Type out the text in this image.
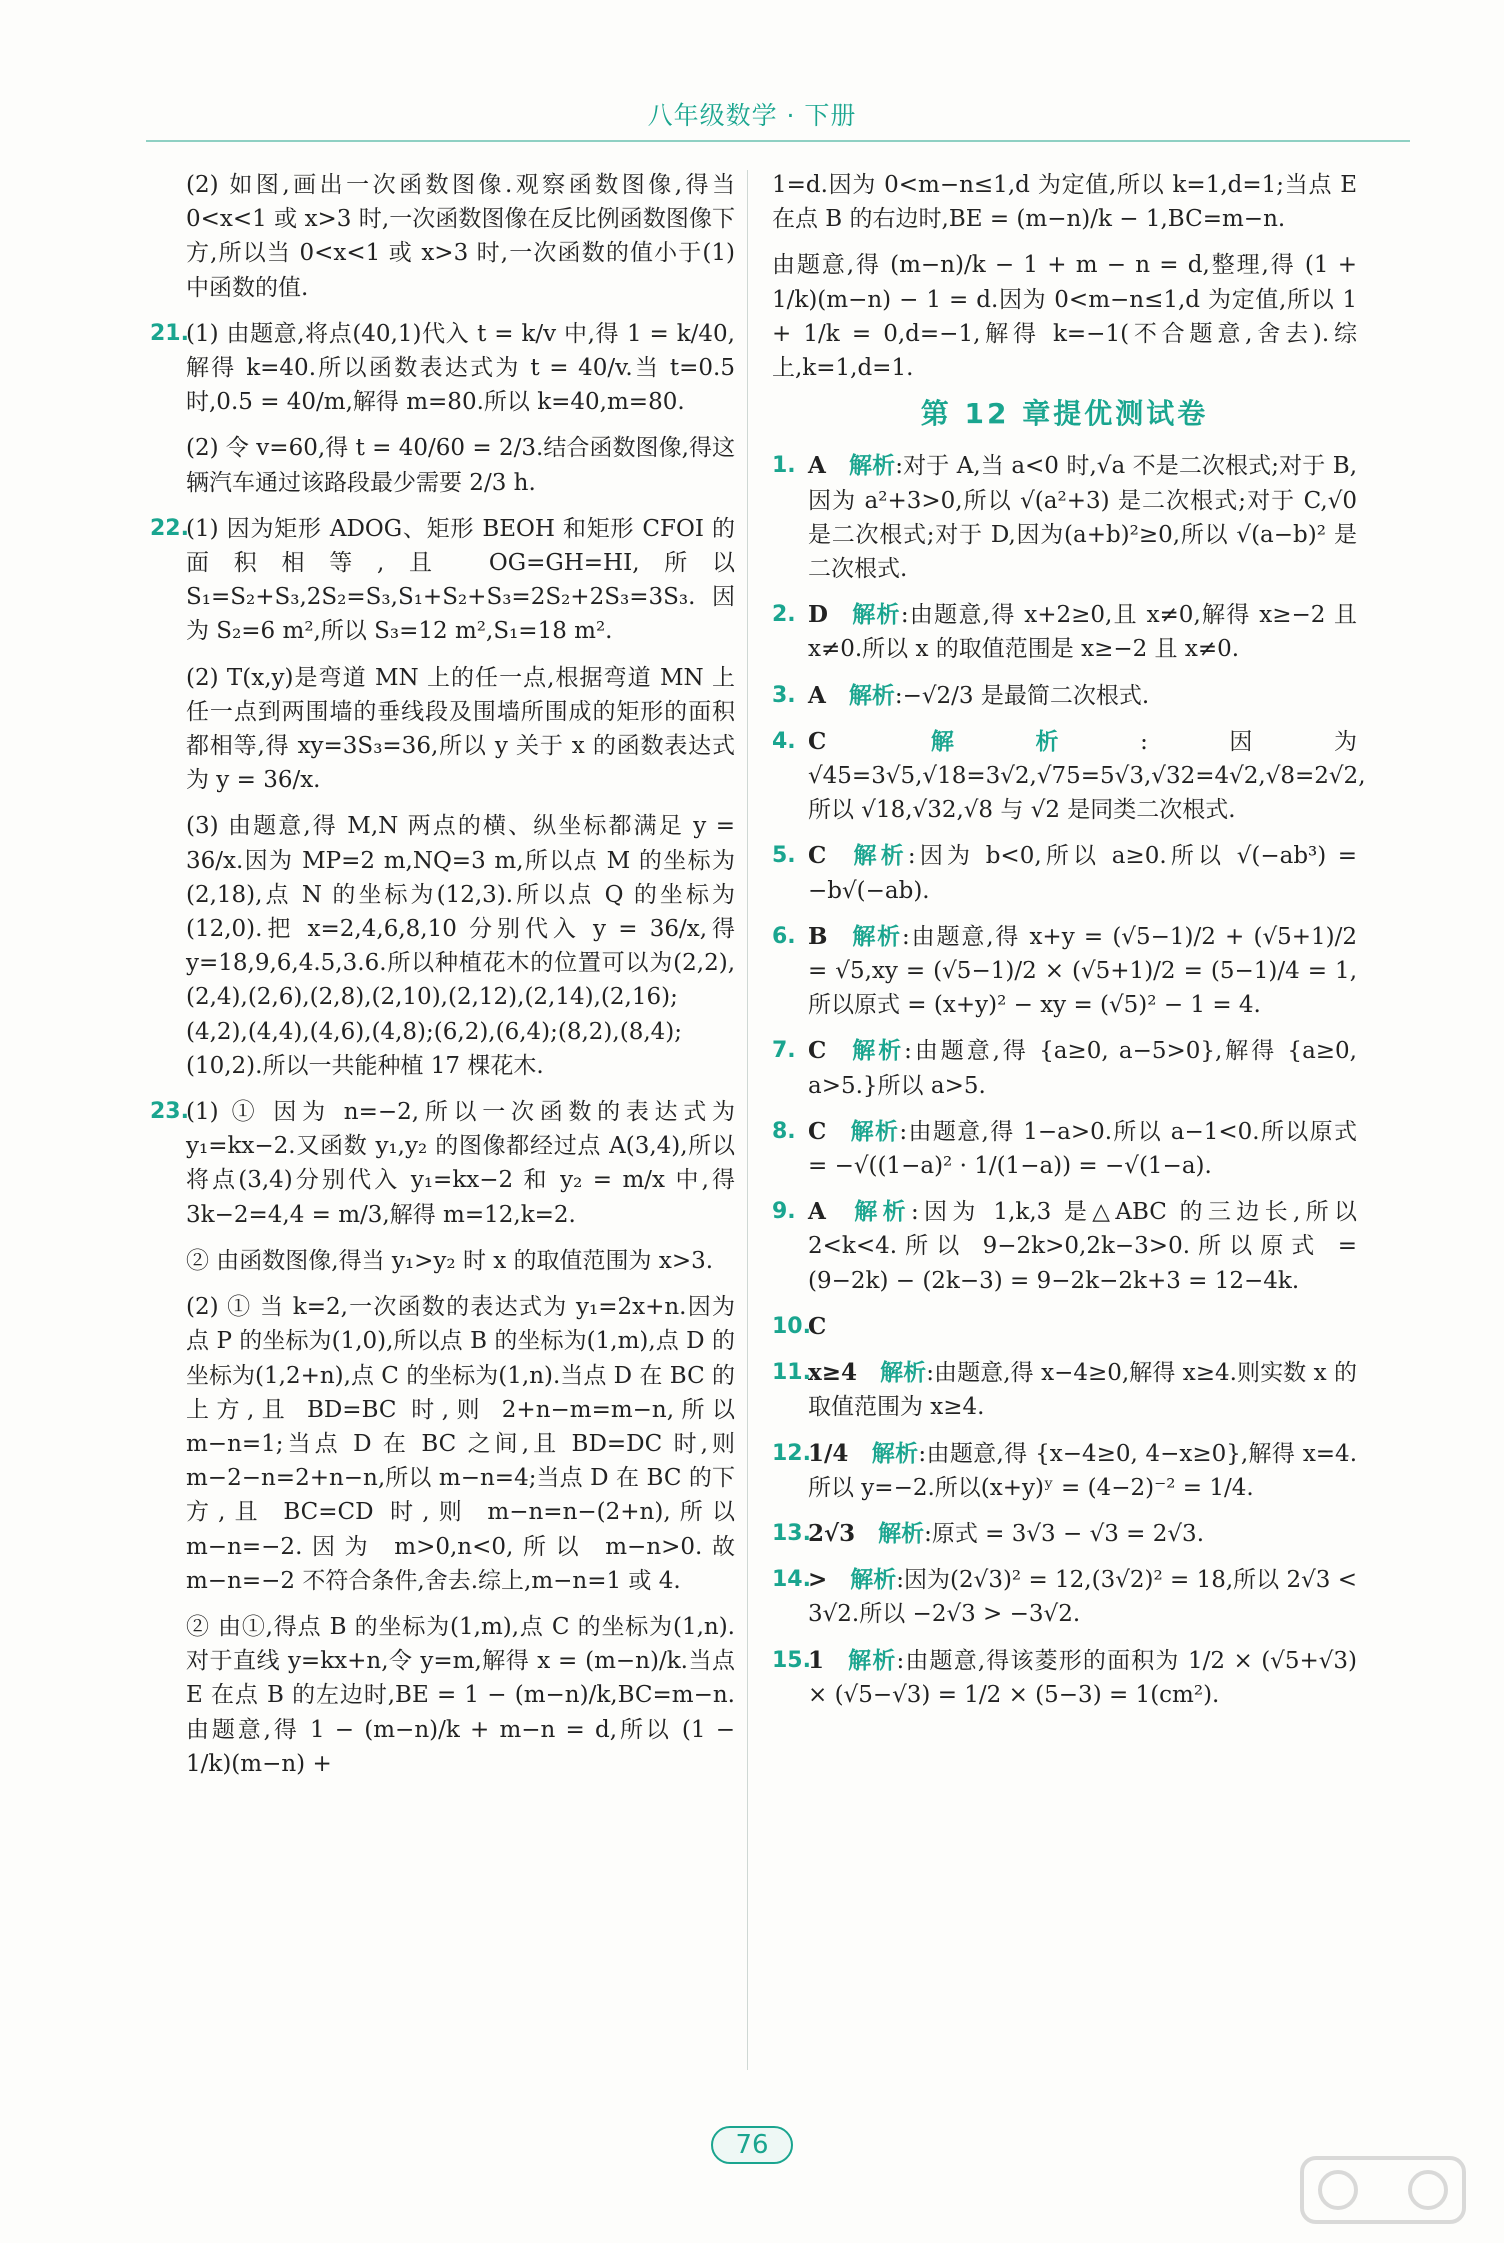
八年级数学 · 下册
(2) 如图,画出一次函数图像.观察函数图像,得当 0<x<1 或 x>3 时,一次函数图像在反比例函数图像下方,所以当 0<x<1 或 x>3 时,一次函数的值小于(1)中函数的值.
21.
(1) 由题意,将点(40,1)代入 t = k/v 中,得 1 = k/40,解得 k=40.所以函数表达式为 t = 40/v.当 t=0.5 时,0.5 = 40/m,解得 m=80.所以 k=40,m=80.
(2) 令 v=60,得 t = 40/60 = 2/3.结合函数图像,得这辆汽车通过该路段最少需要 2/3 h.
22.
(1) 因为矩形 ADOG、矩形 BEOH 和矩形 CFOI 的面积相等,且 OG=GH=HI,所以 S₁=S₂+S₃,2S₂=S₃,S₁+S₂+S₃=2S₂+2S₃=3S₃.因为 S₂=6 m²,所以 S₃=12 m²,S₁=18 m².
(2) T(x,y)是弯道 MN 上的任一点,根据弯道 MN 上任一点到两围墙的垂线段及围墙所围成的矩形的面积都相等,得 xy=3S₃=36,所以 y 关于 x 的函数表达式为 y = 36/x.
(3) 由题意,得 M,N 两点的横、纵坐标都满足 y = 36/x.因为 MP=2 m,NQ=3 m,所以点 M 的坐标为(2,18),点 N 的坐标为(12,3).所以点 Q 的坐标为(12,0).把 x=2,4,6,8,10 分别代入 y = 36/x,得 y=18,9,6,4.5,3.6.所以种植花木的位置可以为(2,2),(2,4),(2,6),(2,8),(2,10),(2,12),(2,14),(2,16);(4,2),(4,4),(4,6),(4,8);(6,2),(6,4);(8,2),(8,4);(10,2).所以一共能种植 17 棵花木.
23.
(1) ① 因为 n=−2,所以一次函数的表达式为 y₁=kx−2.又函数 y₁,y₂ 的图像都经过点 A(3,4),所以将点(3,4)分别代入 y₁=kx−2 和 y₂ = m/x 中,得 3k−2=4,4 = m/3,解得 m=12,k=2.
② 由函数图像,得当 y₁>y₂ 时 x 的取值范围为 x>3.
(2) ① 当 k=2,一次函数的表达式为 y₁=2x+n.因为点 P 的坐标为(1,0),所以点 B 的坐标为(1,m),点 D 的坐标为(1,2+n),点 C 的坐标为(1,n).当点 D 在 BC 的上方,且 BD=BC 时,则 2+n−m=m−n,所以 m−n=1;当点 D 在 BC 之间,且 BD=DC 时,则 m−2−n=2+n−n,所以 m−n=4;当点 D 在 BC 的下方,且 BC=CD 时,则 m−n=n−(2+n),所以 m−n=−2.因为 m>0,n<0,所以 m−n>0.故 m−n=−2 不符合条件,舍去.综上,m−n=1 或 4.
② 由①,得点 B 的坐标为(1,m),点 C 的坐标为(1,n).对于直线 y=kx+n,令 y=m,解得 x = (m−n)/k.当点 E 在点 B 的左边时,BE = 1 − (m−n)/k,BC=m−n.由题意,得 1 − (m−n)/k + m−n = d,所以 (1 − 1/k)(m−n) +

1=d.因为 0<m−n≤1,d 为定值,所以 k=1,d=1;当点 E 在点 B 的右边时,BE = (m−n)/k − 1,BC=m−n.

由题意,得 (m−n)/k − 1 + m − n = d,整理,得 (1 + 1/k)(m−n) − 1 = d.因为 0<m−n≤1,d 为定值,所以 1 + 1/k = 0,d=−1,解得 k=−1(不合题意,舍去).综上,k=1,d=1.

第 12 章提优测试卷
1. A  解析:对于 A,当 a<0 时,√a 不是二次根式;对于 B,因为 a²+3>0,所以 √(a²+3) 是二次根式;对于 C,√0 是二次根式;对于 D,因为(a+b)²≥0,所以 √(a−b)² 是二次根式.
2. D  解析:由题意,得 x+2≥0,且 x≠0,解得 x≥−2 且 x≠0.所以 x 的取值范围是 x≥−2 且 x≠0.
3. A  解析:−√2/3 是最简二次根式.
4. C  解析:因为 √45=3√5,√18=3√2,√75=5√3,√32=4√2,√8=2√2,所以 √18,√32,√8 与 √2 是同类二次根式.
5. C  解析:因为 b<0,所以 a≥0.所以 √(−ab³) = −b√(−ab).
6. B  解析:由题意,得 x+y = (√5−1)/2 + (√5+1)/2 = √5,xy = (√5−1)/2 × (√5+1)/2 = (5−1)/4 = 1,所以原式 = (x+y)² − xy = (√5)² − 1 = 4.
7. C  解析:由题意,得 {a≥0, a−5>0},解得 {a≥0, a>5.}所以 a>5.
8. C  解析:由题意,得 1−a>0.所以 a−1<0.所以原式 = −√((1−a)² · 1/(1−a)) = −√(1−a).
9. A  解析:因为 1,k,3 是△ABC 的三边长,所以 2<k<4.所以 9−2k>0,2k−3>0.所以原式 = (9−2k) − (2k−3) = 9−2k−2k+3 = 12−4k.
10.
C
11.
x≥4  解析:由题意,得 x−4≥0,解得 x≥4.则实数 x 的取值范围为 x≥4.
12.
1/4  解析:由题意,得 {x−4≥0, 4−x≥0},解得 x=4.所以 y=−2.所以(x+y)ʸ = (4−2)⁻² = 1/4.
13.
2√3  解析:原式 = 3√3 − √3 = 2√3.
14.
>  解析:因为(2√3)² = 12,(3√2)² = 18,所以 2√3 < 3√2.所以 −2√3 > −3√2.
15.
1  解析:由题意,得该菱形的面积为 1/2 × (√5+√3) × (√5−√3) = 1/2 × (5−3) = 1(cm²).
76
